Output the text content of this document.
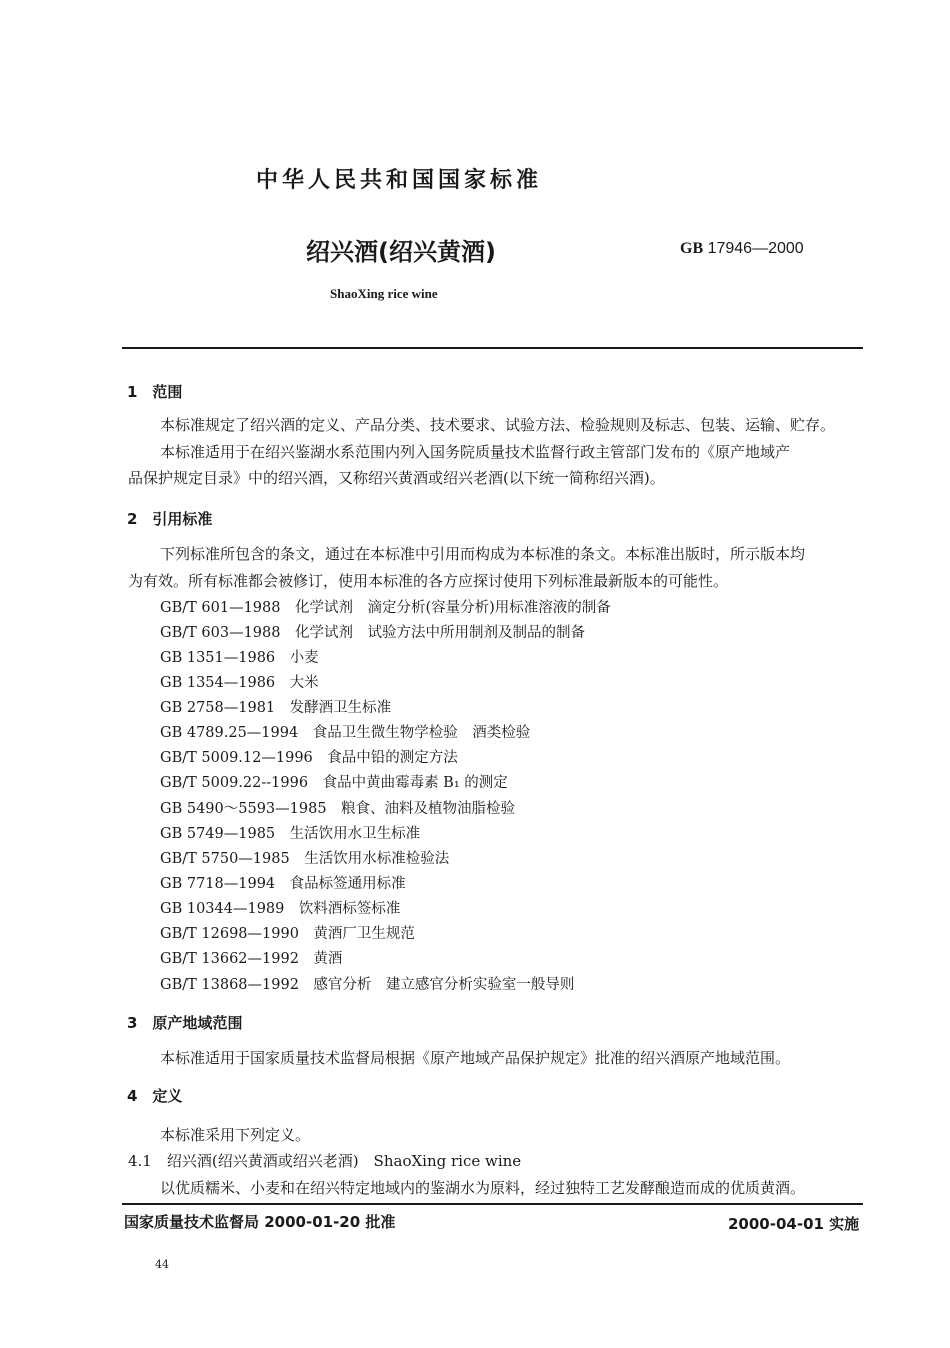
中华人民共和国国家标准
绍兴酒(绍兴黄酒)	GB 17946—2000
ShaoXing rice wine
1　范围
本标准规定了绍兴酒的定义、产品分类、技术要求、试验方法、检验规则及标志、包装、运输、贮存。
本标准适用于在绍兴鉴湖水系范围内列入国务院质量技术监督行政主管部门发布的《原产地域产
品保护规定目录》中的绍兴酒，又称绍兴黄酒或绍兴老酒(以下统一简称绍兴酒)。
2　引用标准
下列标准所包含的条文，通过在本标准中引用而构成为本标准的条文。本标准出版时，所示版本均
为有效。所有标准都会被修订，使用本标准的各方应探讨使用下列标准最新版本的可能性。
GB/T 601—1988　化学试剂　滴定分析(容量分析)用标准溶液的制备
GB/T 603—1988　化学试剂　试验方法中所用制剂及制品的制备
GB 1351—1986　小麦
GB 1354—1986　大米
GB 2758—1981　发酵酒卫生标准
GB 4789.25—1994　食品卫生微生物学检验　酒类检验
GB/T 5009.12—1996　食品中铅的测定方法
GB/T 5009.22--1996　食品中黄曲霉毒素 B₁ 的测定
GB 5490～5593—1985　粮食、油料及植物油脂检验
GB 5749—1985　生活饮用水卫生标准
GB/T 5750—1985　生活饮用水标准检验法
GB 7718—1994　食品标签通用标准
GB 10344—1989　饮料酒标签标准
GB/T 12698—1990　黄酒厂卫生规范
GB/T 13662—1992　黄酒
GB/T 13868—1992　感官分析　建立感官分析实验室一般导则
3　原产地域范围
本标准适用于国家质量技术监督局根据《原产地域产品保护规定》批准的绍兴酒原产地域范围。
4　定义
本标准采用下列定义。
4.1　绍兴酒(绍兴黄酒或绍兴老酒)　ShaoXing rice wine
以优质糯米、小麦和在绍兴特定地域内的鉴湖水为原料，经过独特工艺发酵酿造而成的优质黄酒。
国家质量技术监督局 2000-01-20 批准	2000-04-01 实施
44
